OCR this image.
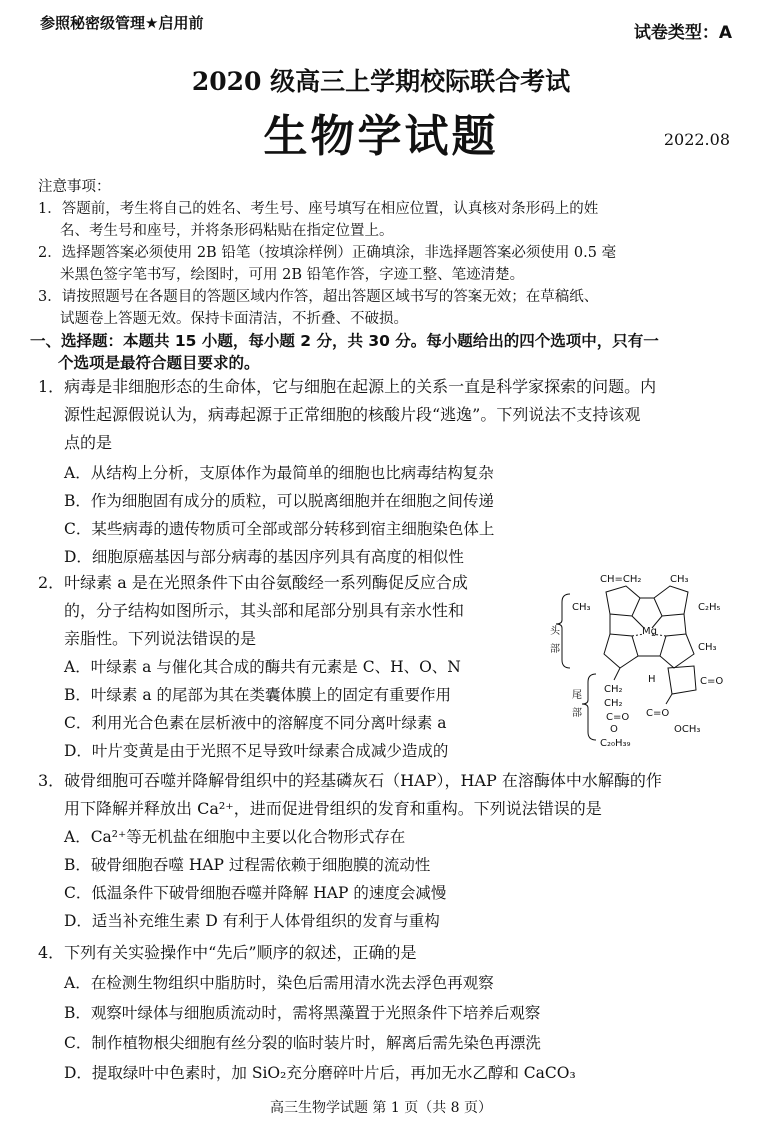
参照秘密级管理★启用前	试卷类型：A
2020 级高三上学期校际联合考试
生物学试题	2022.08
注意事项：
1．答题前，考生将自己的姓名、考生号、座号填写在相应位置，认真核对条形码上的姓
名、考生号和座号，并将条形码粘贴在指定位置上。
2．选择题答案必须使用 2B 铅笔（按填涂样例）正确填涂，非选择题答案必须使用 0.5 毫
米黑色签字笔书写，绘图时，可用 2B 铅笔作答，字迹工整、笔迹清楚。
3．请按照题号在各题目的答题区域内作答，超出答题区域书写的答案无效；在草稿纸、
试题卷上答题无效。保持卡面清洁，不折叠、不破损。
一、选择题：本题共 15 小题，每小题 2 分，共 30 分。每小题给出的四个选项中，只有一
个选项是最符合题目要求的。
1．病毒是非细胞形态的生命体，它与细胞在起源上的关系一直是科学家探索的问题。内
源性起源假说认为，病毒起源于正常细胞的核酸片段“逃逸”。下列说法不支持该观
点的是
A．从结构上分析，支原体作为最简单的细胞也比病毒结构复杂
B．作为细胞固有成分的质粒，可以脱离细胞并在细胞之间传递
C．某些病毒的遗传物质可全部或部分转移到宿主细胞染色体上
D．细胞原癌基因与部分病毒的基因序列具有高度的相似性
2．叶绿素 a 是在光照条件下由谷氨酸经一系列酶促反应合成
的，分子结构如图所示，其头部和尾部分别具有亲水性和
亲脂性。下列说法错误的是
A．叶绿素 a 与催化其合成的酶共有元素是 C、H、O、N
B．叶绿素 a 的尾部为其在类囊体膜上的固定有重要作用
C．利用光合色素在层析液中的溶解度不同分离叶绿素 a
D．叶片变黄是由于光照不足导致叶绿素合成减少造成的
头
部
尾
部
Mg
CH=CH₂	CH₃
CH₃	C₂H₅
CH₃
C=O
CH₂
CH₂
C=O
O
C₂₀H₃₉
C=O
OCH₃
H
3．破骨细胞可吞噬并降解骨组织中的羟基磷灰石（HAP），HAP 在溶酶体中水解酶的作
用下降解并释放出 Ca²⁺，进而促进骨组织的发育和重构。下列说法错误的是
A．Ca²⁺等无机盐在细胞中主要以化合物形式存在
B．破骨细胞吞噬 HAP 过程需依赖于细胞膜的流动性
C．低温条件下破骨细胞吞噬并降解 HAP 的速度会减慢
D．适当补充维生素 D 有利于人体骨组织的发育与重构
4．下列有关实验操作中“先后”顺序的叙述，正确的是
A．在检测生物组织中脂肪时，染色后需用清水洗去浮色再观察
B．观察叶绿体与细胞质流动时，需将黑藻置于光照条件下培养后观察
C．制作植物根尖细胞有丝分裂的临时装片时，解离后需先染色再漂洗
D．提取绿叶中色素时，加 SiO₂充分磨碎叶片后，再加无水乙醇和 CaCO₃
高三生物学试题 第 1 页（共 8 页）
